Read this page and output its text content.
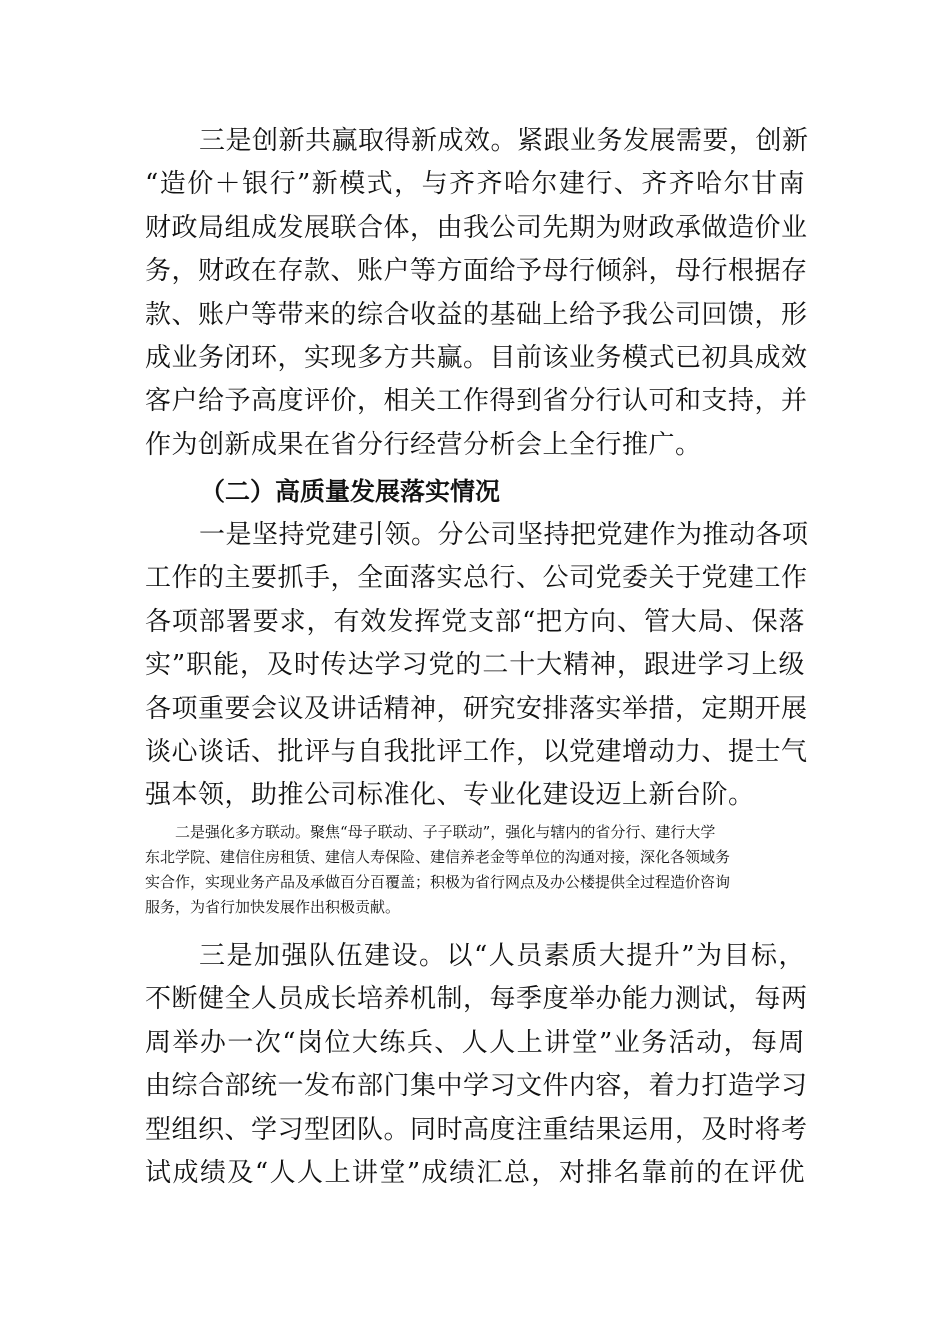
三是创新共赢取得新成效。紧跟业务发展需要，创新
“造价＋银行”新模式，与齐齐哈尔建行、齐齐哈尔甘南
财政局组成发展联合体，由我公司先期为财政承做造价业
务，财政在存款、账户等方面给予母行倾斜，母行根据存
款、账户等带来的综合收益的基础上给予我公司回馈，形
成业务闭环，实现多方共赢。目前该业务模式已初具成效
客户给予高度评价，相关工作得到省分行认可和支持，并
作为创新成果在省分行经营分析会上全行推广。
（二）高质量发展落实情况
一是坚持党建引领。分公司坚持把党建作为推动各项
工作的主要抓手，全面落实总行、公司党委关于党建工作
各项部署要求，有效发挥党支部“把方向、管大局、保落
实”职能，及时传达学习党的二十大精神，跟进学习上级
各项重要会议及讲话精神，研究安排落实举措，定期开展
谈心谈话、批评与自我批评工作，以党建增动力、提士气
强本领，助推公司标准化、专业化建设迈上新台阶。
二是强化多方联动。聚焦“母子联动、子子联动”，强化与辖内的省分行、建行大学
东北学院、建信住房租赁、建信人寿保险、建信养老金等单位的沟通对接，深化各领域务
实合作，实现业务产品及承做百分百覆盖；积极为省行网点及办公楼提供全过程造价咨询
服务，为省行加快发展作出积极贡献。
三是加强队伍建设。以“人员素质大提升”为目标，
不断健全人员成长培养机制，每季度举办能力测试，每两
周举办一次“岗位大练兵、人人上讲堂”业务活动，每周
由综合部统一发布部门集中学习文件内容，着力打造学习
型组织、学习型团队。同时高度注重结果运用，及时将考
试成绩及“人人上讲堂”成绩汇总，对排名靠前的在评优
